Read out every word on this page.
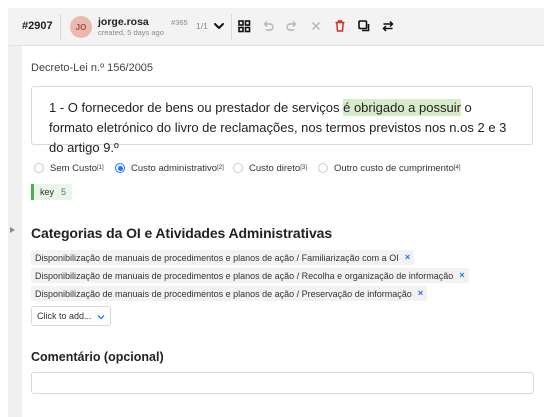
#2907	JO	jorge.rosa
created, 5 days ago
#365 1/1
Decreto-Lei n.º 156/2005
1 - O fornecedor de bens ou prestador de serviços é obrigado a possuir o formato eletrónico do livro de reclamações, nos termos previstos nos n.os 2 e 3 do artigo 9.º
Sem Custo [1]	Custo administrativo [2]	Custo direto [3]	Outro custo de cumprimento [4]
key 5
Categorias da OI e Atividades Administrativas
Disponibilização de manuais de procedimentos e planos de ação / Familiarização com a OI ×
Disponibilização de manuais de procedimentos e planos de ação / Recolha e organização de informação ×
Disponibilização de manuais de procedimentos e planos de ação / Preservação de informação ×
Click to add...
Comentário (opcional)
